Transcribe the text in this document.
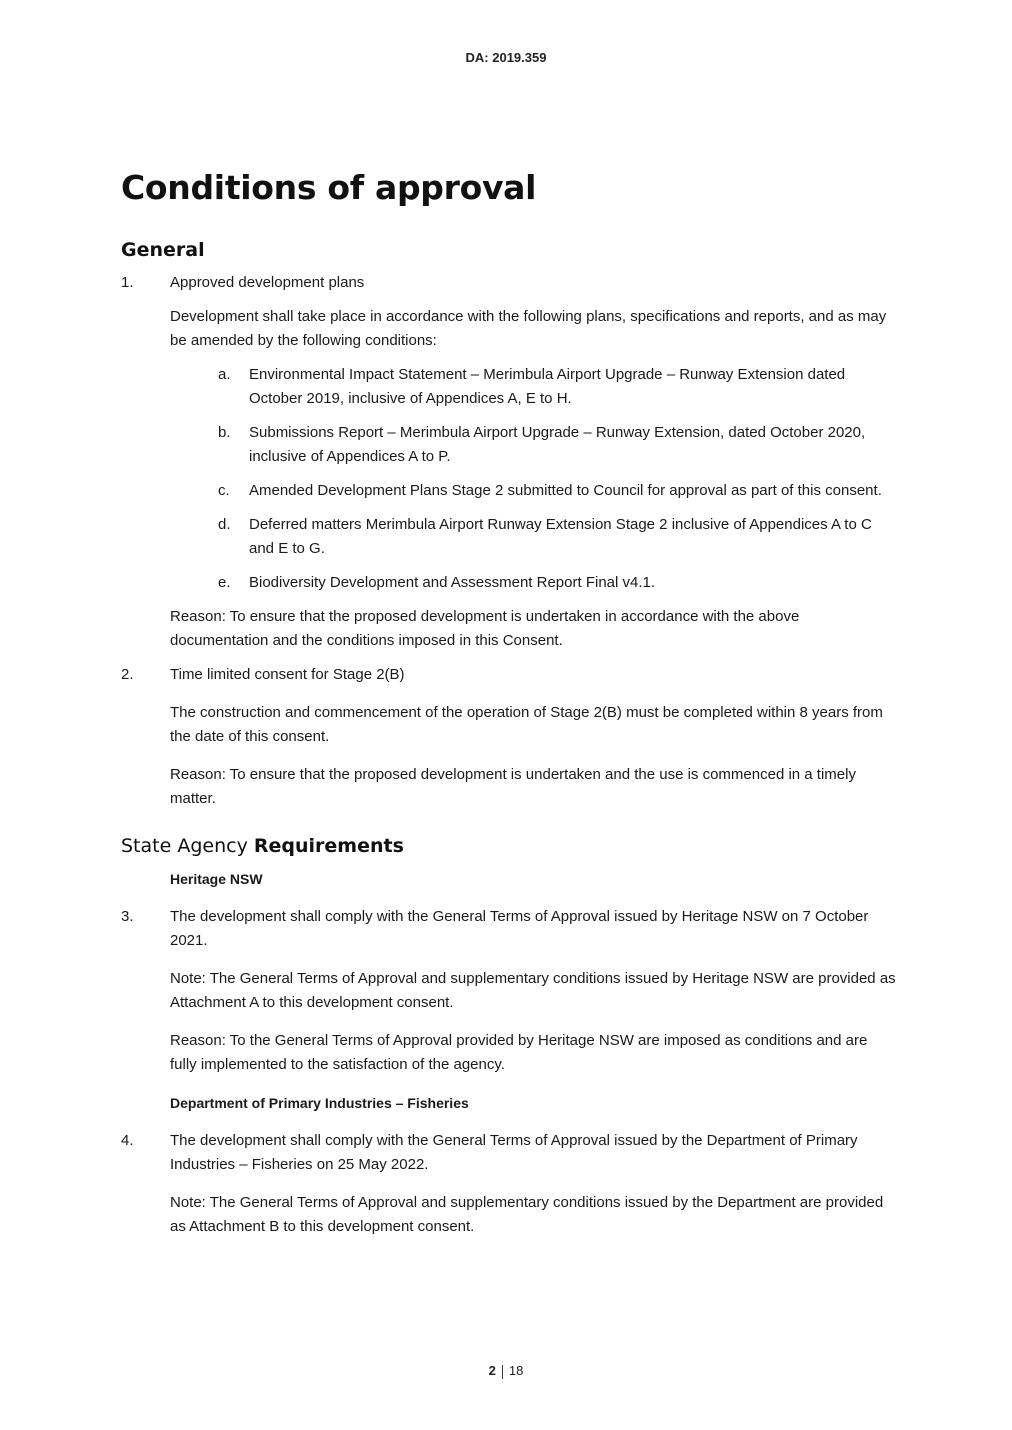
DA: 2019.359
Conditions of approval
General
1.	Approved development plans

Development shall take place in accordance with the following plans, specifications and reports, and as may be amended by the following conditions:

a. Environmental Impact Statement – Merimbula Airport Upgrade – Runway Extension dated October 2019, inclusive of Appendices A, E to H.

b. Submissions Report – Merimbula Airport Upgrade – Runway Extension, dated October 2020, inclusive of Appendices A to P.

c. Amended Development Plans Stage 2 submitted to Council for approval as part of this consent.

d. Deferred matters Merimbula Airport Runway Extension Stage 2 inclusive of Appendices A to C and E to G.

e. Biodiversity Development and Assessment Report Final v4.1.

Reason: To ensure that the proposed development is undertaken in accordance with the above documentation and the conditions imposed in this Consent.

2.	Time limited consent for Stage 2(B)

The construction and commencement of the operation of Stage 2(B) must be completed within 8 years from the date of this consent.

Reason: To ensure that the proposed development is undertaken and the use is commenced in a timely matter.

State Agency Requirements

Heritage NSW

3.	The development shall comply with the General Terms of Approval issued by Heritage NSW on 7 October 2021.

Note: The General Terms of Approval and supplementary conditions issued by Heritage NSW are provided as Attachment A to this development consent.

Reason: To the General Terms of Approval provided by Heritage NSW are imposed as conditions and are fully implemented to the satisfaction of the agency.

Department of Primary Industries – Fisheries

4.	The development shall comply with the General Terms of Approval issued by the Department of Primary Industries – Fisheries on 25 May 2022.

Note: The General Terms of Approval and supplementary conditions issued by the Department are provided as Attachment B to this development consent.

2 18
